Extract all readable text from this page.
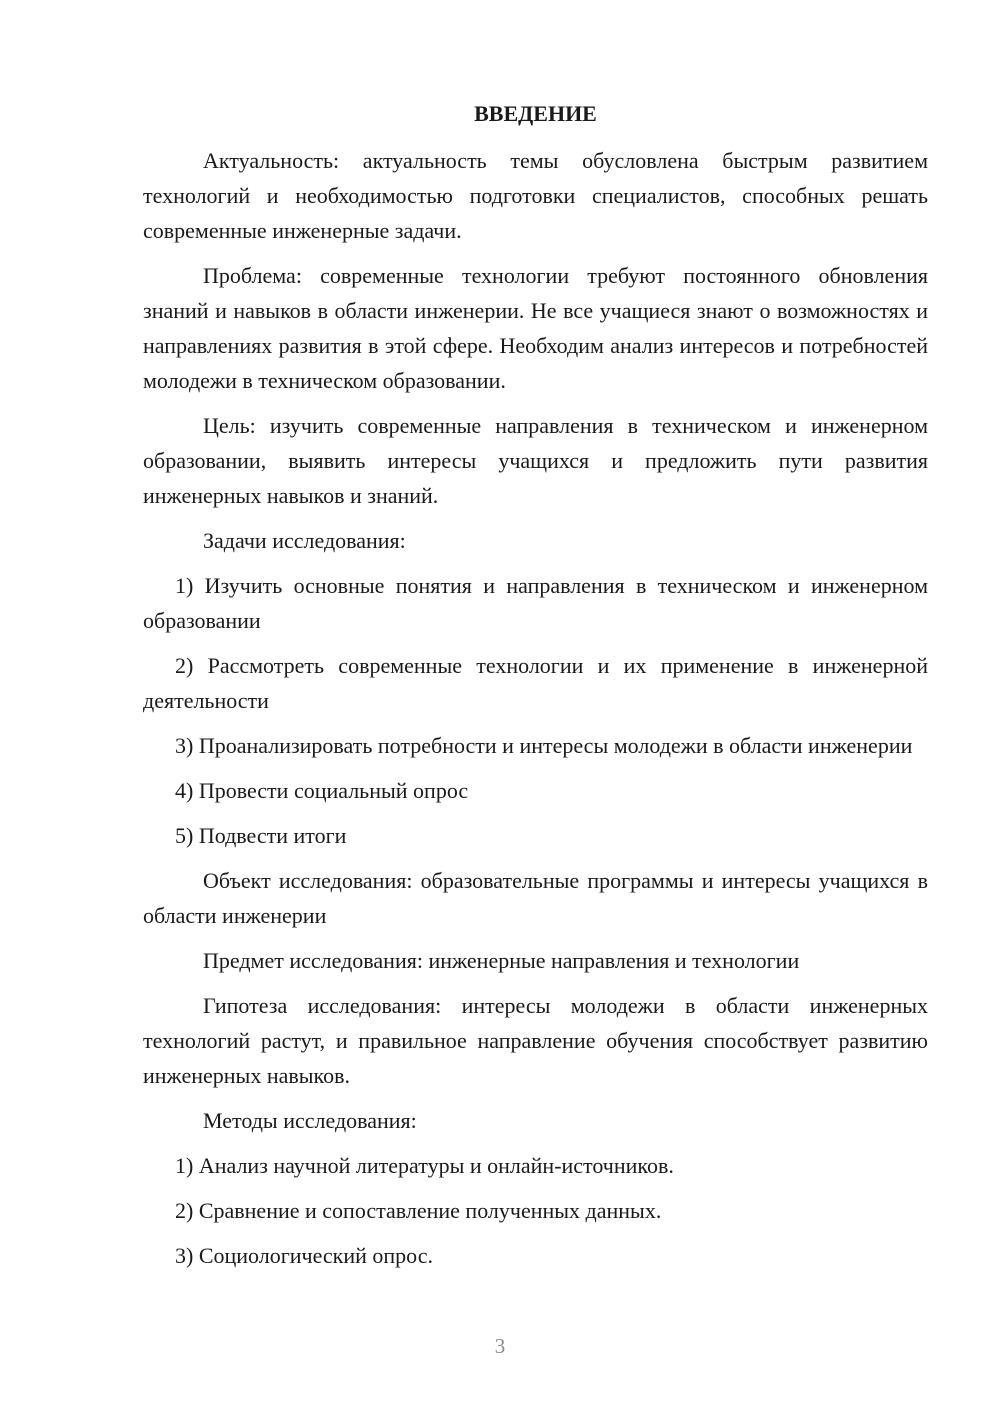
ВВЕДЕНИЕ

Актуальность: актуальность темы обусловлена быстрым развитием технологий и необходимостью подготовки специалистов, способных решать современные инженерные задачи.

Проблема: современные технологии требуют постоянного обновления знаний и навыков в области инженерии. Не все учащиеся знают о возможностях и направлениях развития в этой сфере. Необходим анализ интересов и потребностей молодежи в техническом образовании.

Цель: изучить современные направления в техническом и инженерном образовании, выявить интересы учащихся и предложить пути развития инженерных навыков и знаний.

Задачи исследования:

1) Изучить основные понятия и направления в техническом и инженерном образовании

2) Рассмотреть современные технологии и их применение в инженерной деятельности

3) Проанализировать потребности и интересы молодежи в области инженерии

4) Провести социальный опрос

5) Подвести итоги

Объект исследования: образовательные программы и интересы учащихся в области инженерии

Предмет исследования: инженерные направления и технологии

Гипотеза исследования: интересы молодежи в области инженерных технологий растут, и правильное направление обучения способствует развитию инженерных навыков.

Методы исследования:

1) Анализ научной литературы и онлайн-источников.

2) Сравнение и сопоставление полученных данных.

3) Социологический опрос.

3
